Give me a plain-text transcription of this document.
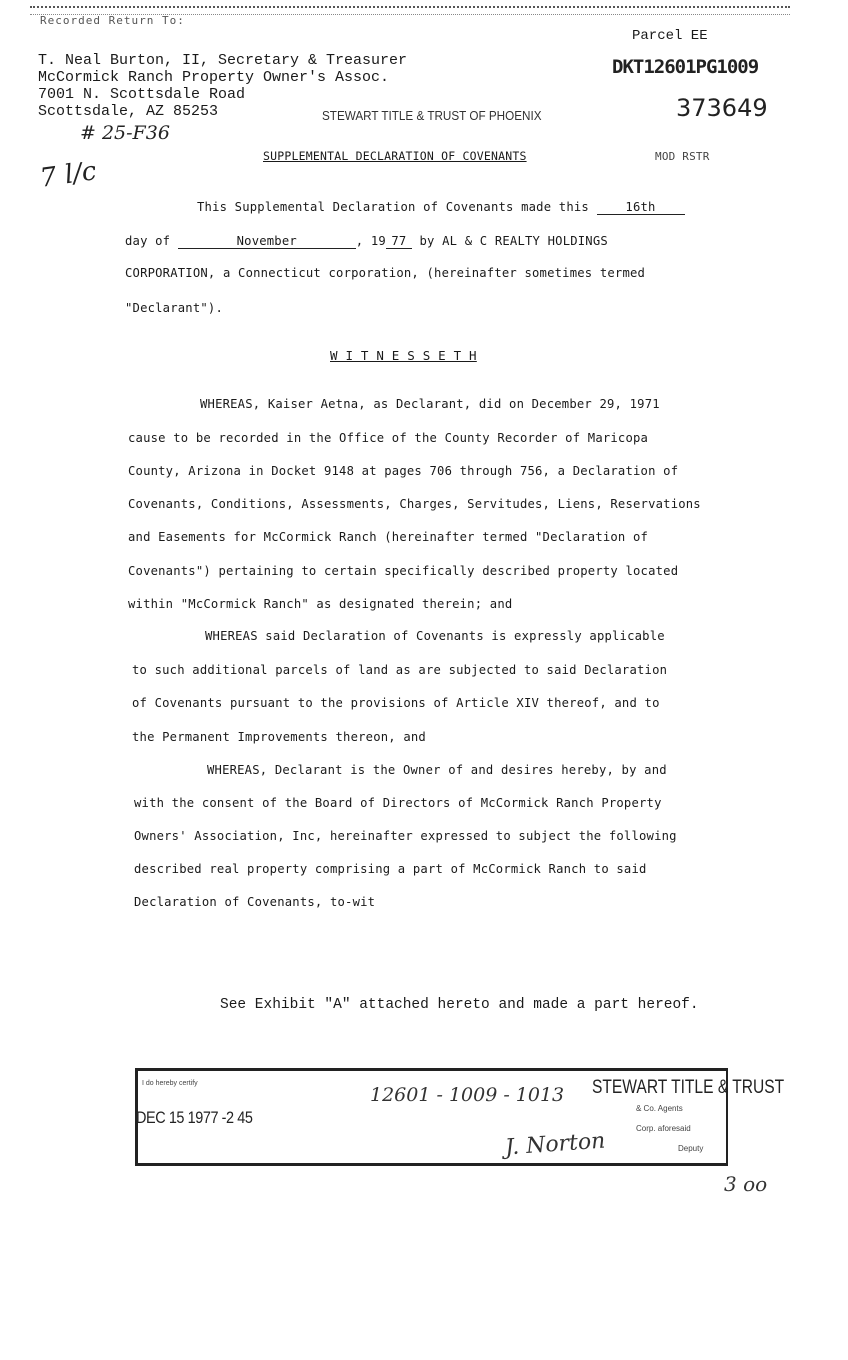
Recorded Return To:
Parcel EE
T. Neal Burton, II, Secretary & Treasurer
McCormick Ranch Property Owner's Assoc.
7001 N. Scottsdale Road
Scottsdale, AZ 85253
DKT12601PG1009
373649
STEWART TITLE & TRUST OF PHOENIX
# 25-F36
7 l/c
SUPPLEMENTAL DECLARATION OF COVENANTS	MOD RSTR
This Supplemental Declaration of Covenants made this	16th
day of	November	, 19 77 by AL & C REALTY HOLDINGS
CORPORATION, a Connecticut corporation, (hereinafter sometimes termed
"Declarant").
W I T N E S S E T H
WHEREAS, Kaiser Aetna, as Declarant, did on December 29, 1971
cause to be recorded in the Office of the County Recorder of Maricopa
County, Arizona in Docket 9148 at pages 706 through 756, a Declaration of
Covenants, Conditions, Assessments, Charges, Servitudes, Liens, Reservations
and Easements for McCormick Ranch (hereinafter termed "Declaration of
Covenants") pertaining to certain specifically described property located
within "McCormick Ranch" as designated therein; and
WHEREAS said Declaration of Covenants is expressly applicable
to such additional parcels of land as are subjected to said Declaration
of Covenants pursuant to the provisions of Article XIV thereof, and to
the Permanent Improvements thereon, and
WHEREAS, Declarant is the Owner of and desires hereby, by and
with the consent of the Board of Directors of McCormick Ranch Property
Owners' Association, Inc, hereinafter expressed to subject the following
described real property comprising a part of McCormick Ranch to said
Declaration of Covenants, to-wit
See Exhibit "A" attached hereto and made a part hereof.
I do hereby certify
DEC 15 1977 -2 45
12601 - 1009 - 1013 STEWART TITLE & TRUST
& Co. Agents
Corp. aforesaid
Deputy
J. Norton
3 oo
